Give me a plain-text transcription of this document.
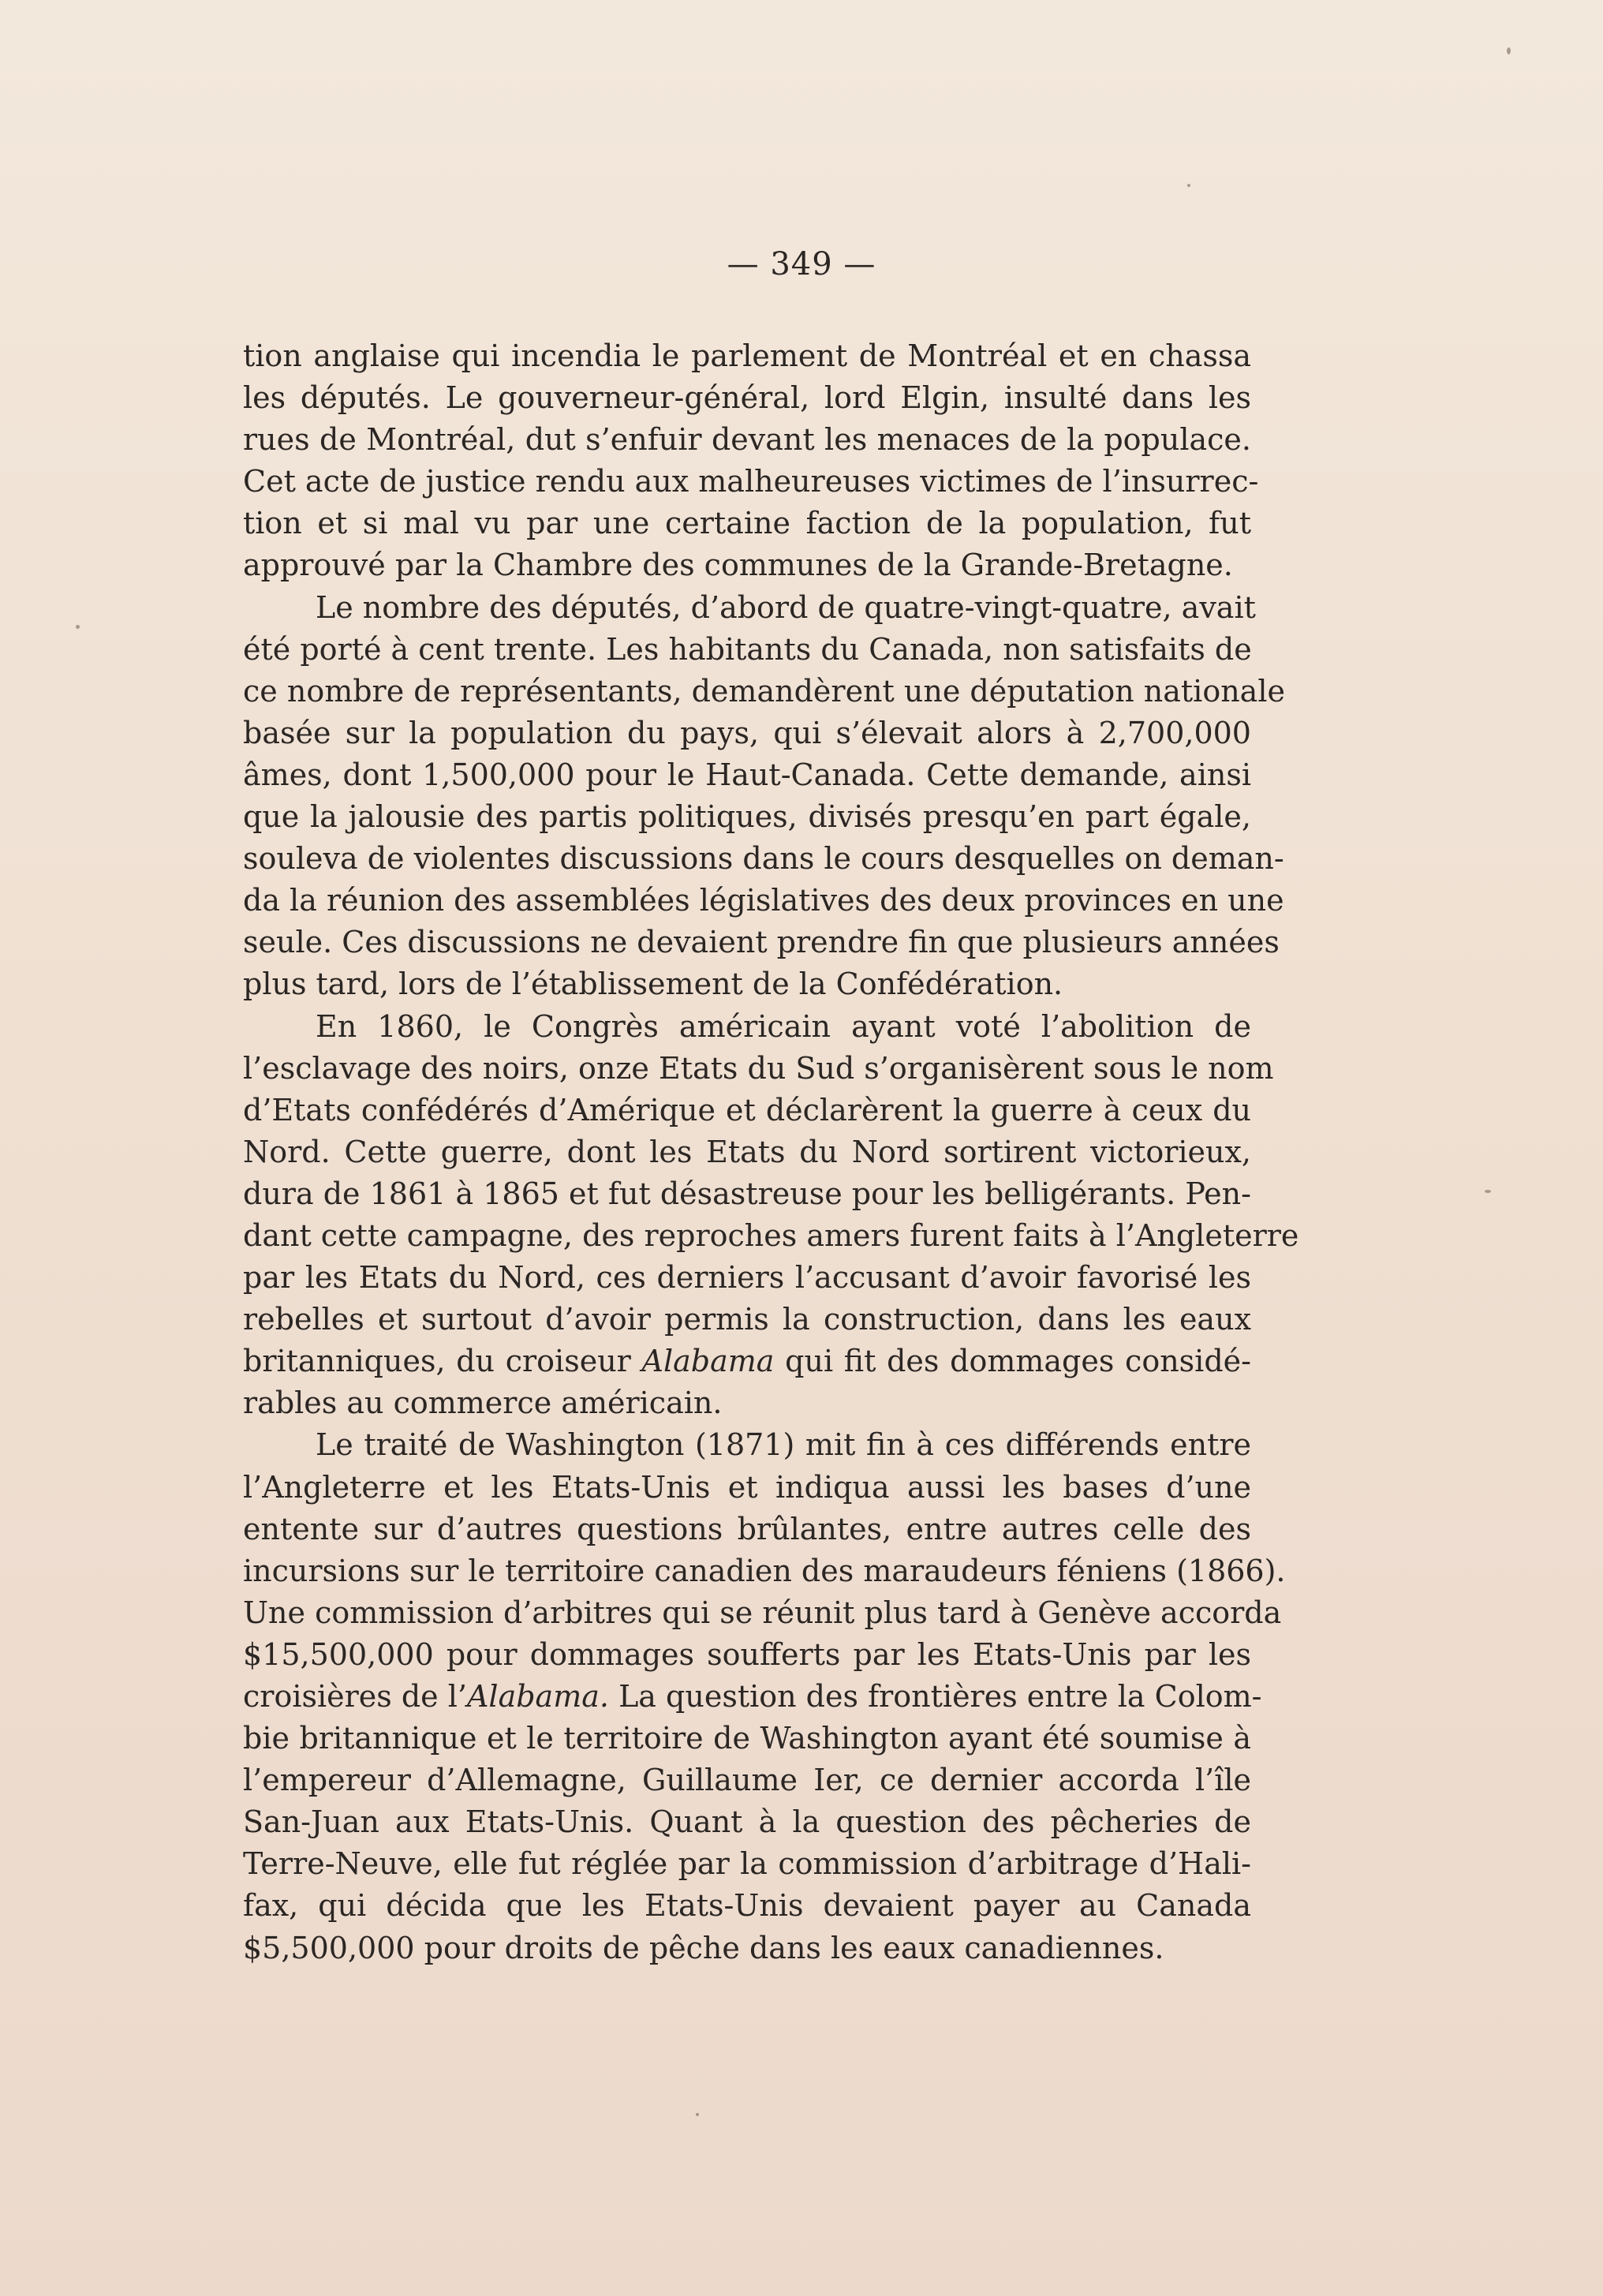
— 349 —
tion anglaise qui incendia le parlement de Montréal et en chassa
les députés. Le gouverneur-général, lord Elgin, insulté dans les
rues de Montréal, dut s’enfuir devant les menaces de la populace.
Cet acte de justice rendu aux malheureuses victimes de l’insurrec-
tion et si mal vu par une certaine faction de la population, fut
approuvé par la Chambre des communes de la Grande-Bretagne.
Le nombre des députés, d’abord de quatre-vingt-quatre, avait
été porté à cent trente. Les habitants du Canada, non satisfaits de
ce nombre de représentants, demandèrent une députation nationale
basée sur la population du pays, qui s’élevait alors à 2,700,000
âmes, dont 1,500,000 pour le Haut-Canada. Cette demande, ainsi
que la jalousie des partis politiques, divisés presqu’en part égale,
souleva de violentes discussions dans le cours desquelles on deman-
da la réunion des assemblées législatives des deux provinces en une
seule. Ces discussions ne devaient prendre fin que plusieurs années
plus tard, lors de l’établissement de la Confédération.
En 1860, le Congrès américain ayant voté l’abolition de
l’esclavage des noirs, onze Etats du Sud s’organisèrent sous le nom
d’Etats confédérés d’Amérique et déclarèrent la guerre à ceux du
Nord. Cette guerre, dont les Etats du Nord sortirent victorieux,
dura de 1861 à 1865 et fut désastreuse pour les belligérants. Pen-
dant cette campagne, des reproches amers furent faits à l’Angleterre
par les Etats du Nord, ces derniers l’accusant d’avoir favorisé les
rebelles et surtout d’avoir permis la construction, dans les eaux
britanniques, du croiseur Alabama qui fit des dommages considé-
rables au commerce américain.
Le traité de Washington (1871) mit fin à ces différends entre
l’Angleterre et les Etats-Unis et indiqua aussi les bases d’une
entente sur d’autres questions brûlantes, entre autres celle des
incursions sur le territoire canadien des maraudeurs féniens (1866).
Une commission d’arbitres qui se réunit plus tard à Genève accorda
$15,500,000 pour dommages soufferts par les Etats-Unis par les
croisières de l’Alabama. La question des frontières entre la Colom-
bie britannique et le territoire de Washington ayant été soumise à
l’empereur d’Allemagne, Guillaume Ier, ce dernier accorda l’île
San-Juan aux Etats-Unis. Quant à la question des pêcheries de
Terre-Neuve, elle fut réglée par la commission d’arbitrage d’Hali-
fax, qui décida que les Etats-Unis devaient payer au Canada
$5,500,000 pour droits de pêche dans les eaux canadiennes.
